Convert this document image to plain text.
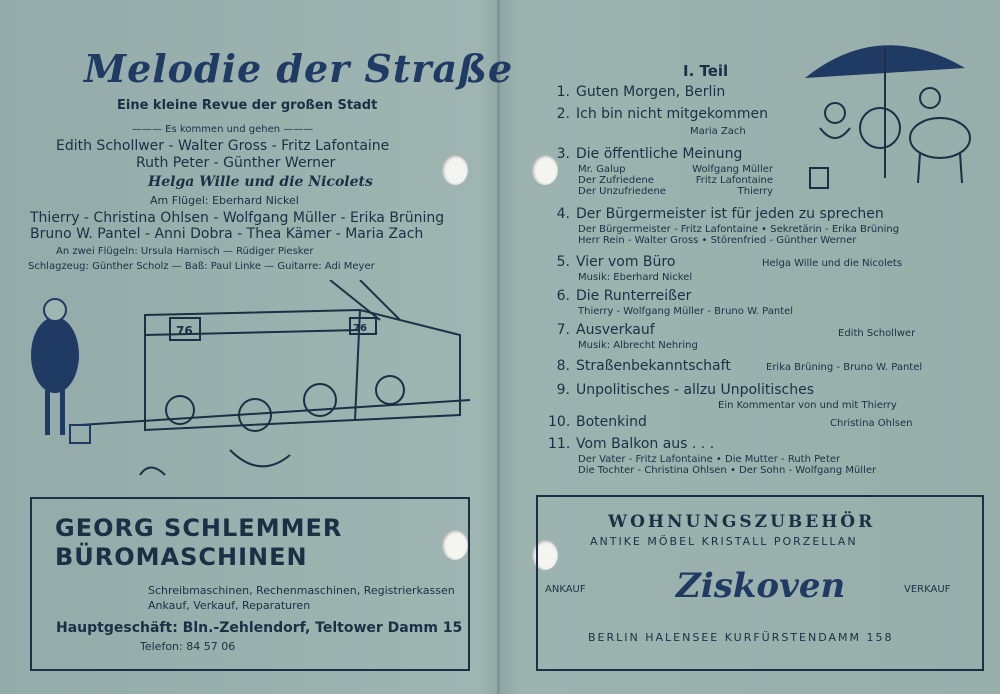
Melodie der Straße
Eine kleine Revue der großen Stadt
——— Es kommen und gehen ———
Edith Schollwer - Walter Gross - Fritz Lafontaine
Ruth Peter - Günther Werner
Helga Wille und die Nicolets
Am Flügel: Eberhard Nickel
Thierry - Christina Ohlsen - Wolfgang Müller - Erika Brüning
Bruno W. Pantel - Anni Dobra - Thea Kämer - Maria Zach
An zwei Flügeln: Ursula Harnisch — Rüdiger Piesker
Schlagzeug: Günther Scholz — Baß: Paul Linke — Guitarre: Adi Meyer
76	76
GEORG SCHLEMMER
BÜROMASCHINEN
Schreibmaschinen, Rechenmaschinen, Registrierkassen
Ankauf, Verkauf, Reparaturen
Hauptgeschäft: Bln.-Zehlendorf, Teltower Damm 15
Telefon: 84 57 06
I. Teil
1. Guten Morgen, Berlin
2. Ich bin nicht mitgekommen
Maria Zach
3. Die öffentliche Meinung
Mr. Galup	Wolfgang Müller
Der Zufriedene	Fritz Lafontaine
Der Unzufriedene	Thierry
4. Der Bürgermeister ist für jeden zu sprechen
Der Bürgermeister - Fritz Lafontaine • Sekretärin - Erika Brüning
Herr Rein - Walter Gross • Störenfried - Günther Werner
5. Vier vom Büro
Musik: Eberhard Nickel
Helga Wille und die Nicolets
6. Die Runterreißer
Thierry - Wolfgang Müller - Bruno W. Pantel
7. Ausverkauf
Musik: Albrecht Nehring
Edith Schollwer
8. Straßenbekanntschaft	Erika Brüning - Bruno W. Pantel
9. Unpolitisches - allzu Unpolitisches
Ein Kommentar von und mit Thierry
10. Botenkind	Christina Ohlsen
11. Vom Balkon aus . . .
Der Vater - Fritz Lafontaine • Die Mutter - Ruth Peter
Die Tochter - Christina Ohlsen • Der Sohn - Wolfgang Müller
WOHNUNGSZUBEHÖR
ANTIKE MÖBEL KRISTALL PORZELLAN
ANKAUF	VERKAUF
Ziskoven
BERLIN HALENSEE KURFÜRSTENDAMM 158
